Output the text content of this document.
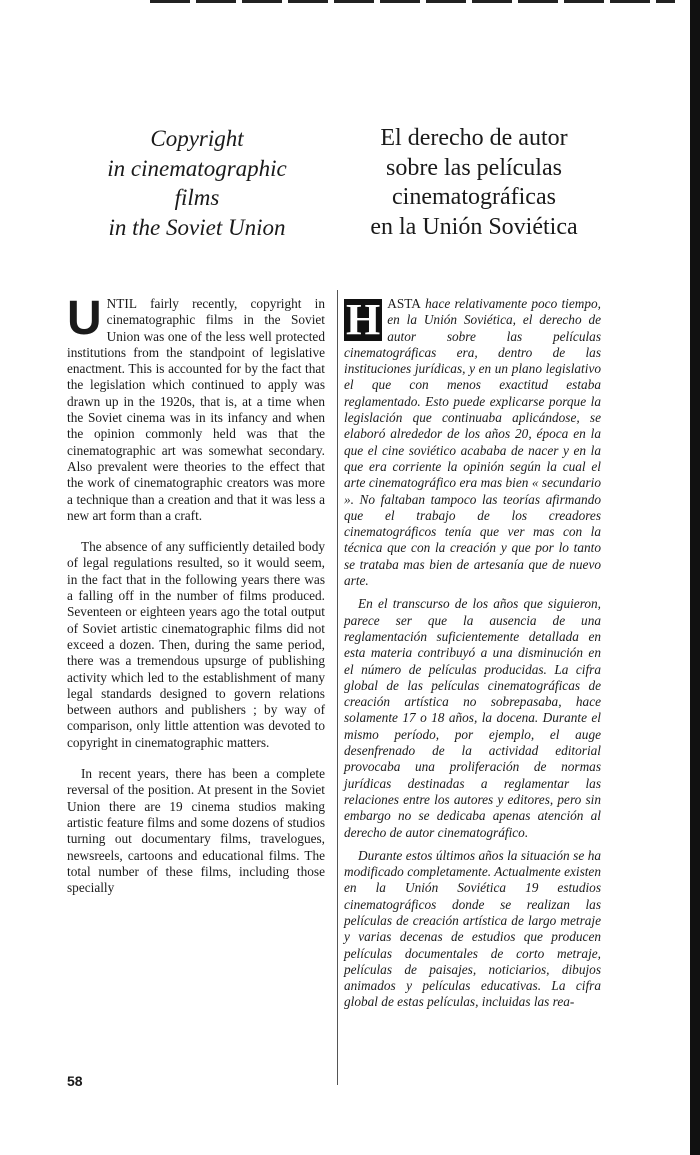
Copyright
in cinematographic
films
in the Soviet Union
El derecho de autor
sobre las películas
cinematográficas
en la Unión Soviética

UNTIL fairly recently, copyright in cinematographic films in the Soviet Union was one of the less well protected institutions from the standpoint of legislative enactment. This is accounted for by the fact that the legislation which continued to apply was drawn up in the 1920s, that is, at a time when the Soviet cinema was in its infancy and when the opinion commonly held was that the cinematographic art was somewhat secondary. Also prevalent were theories to the effect that the work of cinematographic creators was more a technique than a creation and that it was less a new art form than a craft.

The absence of any sufficiently detailed body of legal regulations resulted, so it would seem, in the fact that in the following years there was a falling off in the number of films produced. Seventeen or eighteen years ago the total output of Soviet artistic cinematographic films did not exceed a dozen. Then, during the same period, there was a tremendous upsurge of publishing activity which led to the establishment of many legal standards designed to govern relations between authors and publishers ; by way of comparison, only little attention was devoted to copyright in cinematographic matters.

In recent years, there has been a complete reversal of the position. At present in the Soviet Union there are 19 cinema studios making artistic feature films and some dozens of studios turning out documentary films, travelogues, newsreels, cartoons and educational films. The total number of these films, including those specially

H ASTA hace relativamente poco tiempo, en la Unión Soviética, el derecho de autor sobre las películas cinematográficas era, dentro de las instituciones jurídicas, y en un plano legislativo el que con menos exactitud estaba reglamentado. Esto puede explicarse porque la legislación que continuaba aplicándose, se elaboró alrededor de los años 20, época en la que el cine soviético acababa de nacer y en la que era corriente la opinión según la cual el arte cinematográfico era mas bien « secundario ». No faltaban tampoco las teorías afirmando que el trabajo de los creadores cinematográficos tenía que ver mas con la técnica que con la creación y que por lo tanto se trataba mas bien de artesanía que de nuevo arte.

En el transcurso de los años que siguieron, parece ser que la ausencia de una reglamentación suficientemente detallada en esta materia contribuyó a una disminución en el número de películas producidas. La cifra global de las películas cinematográficas de creación artística no sobrepasaba, hace solamente 17 o 18 años, la docena. Durante el mismo período, por ejemplo, el auge desenfrenado de la actividad editorial provocaba una proliferación de normas jurídicas destinadas a reglamentar las relaciones entre los autores y editores, pero sin embargo no se dedicaba apenas atención al derecho de autor cinematográfico.

Durante estos últimos años la situación se ha modificado completamente. Actualmente existen en la Unión Soviética 19 estudios cinematográficos donde se realizan las películas de creación artística de largo metraje y varias decenas de estudios que producen películas documentales de corto metraje, películas de paisajes, noticiarios, dibujos animados y películas educativas. La cifra global de estas películas, incluidas las rea-

58
